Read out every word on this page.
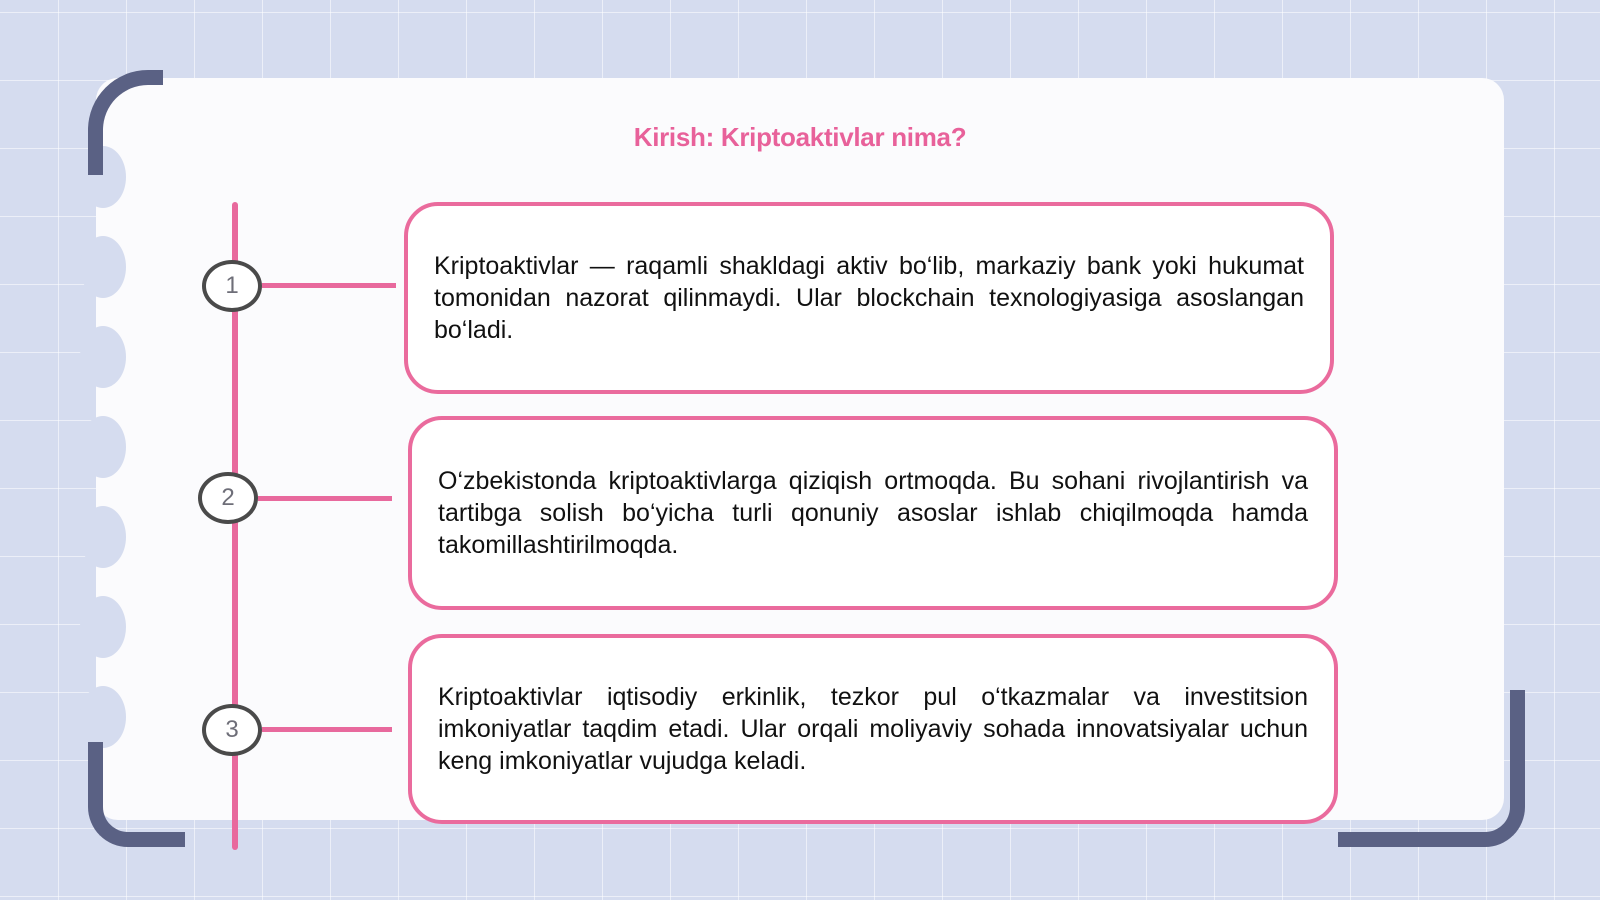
Kirish: Kriptoaktivlar nima?
1

Kriptoaktivlar — raqamli shakldagi aktiv bo‘lib, markaziy bank yoki hukumat tomonidan nazorat qilinmaydi. Ular blockchain texnologiyasiga asoslangan bo‘ladi.

2

O‘zbekistonda kriptoaktivlarga qiziqish ortmoqda. Bu sohani rivojlantirish va tartibga solish bo‘yicha turli qonuniy asoslar ishlab chiqilmoqda hamda takomillashtirilmoqda.

3

Kriptoaktivlar iqtisodiy erkinlik, tezkor pul o‘tkazmalar va investitsion imkoniyatlar taqdim etadi. Ular orqali moliyaviy sohada innovatsiyalar uchun keng imkoniyatlar vujudga keladi.
